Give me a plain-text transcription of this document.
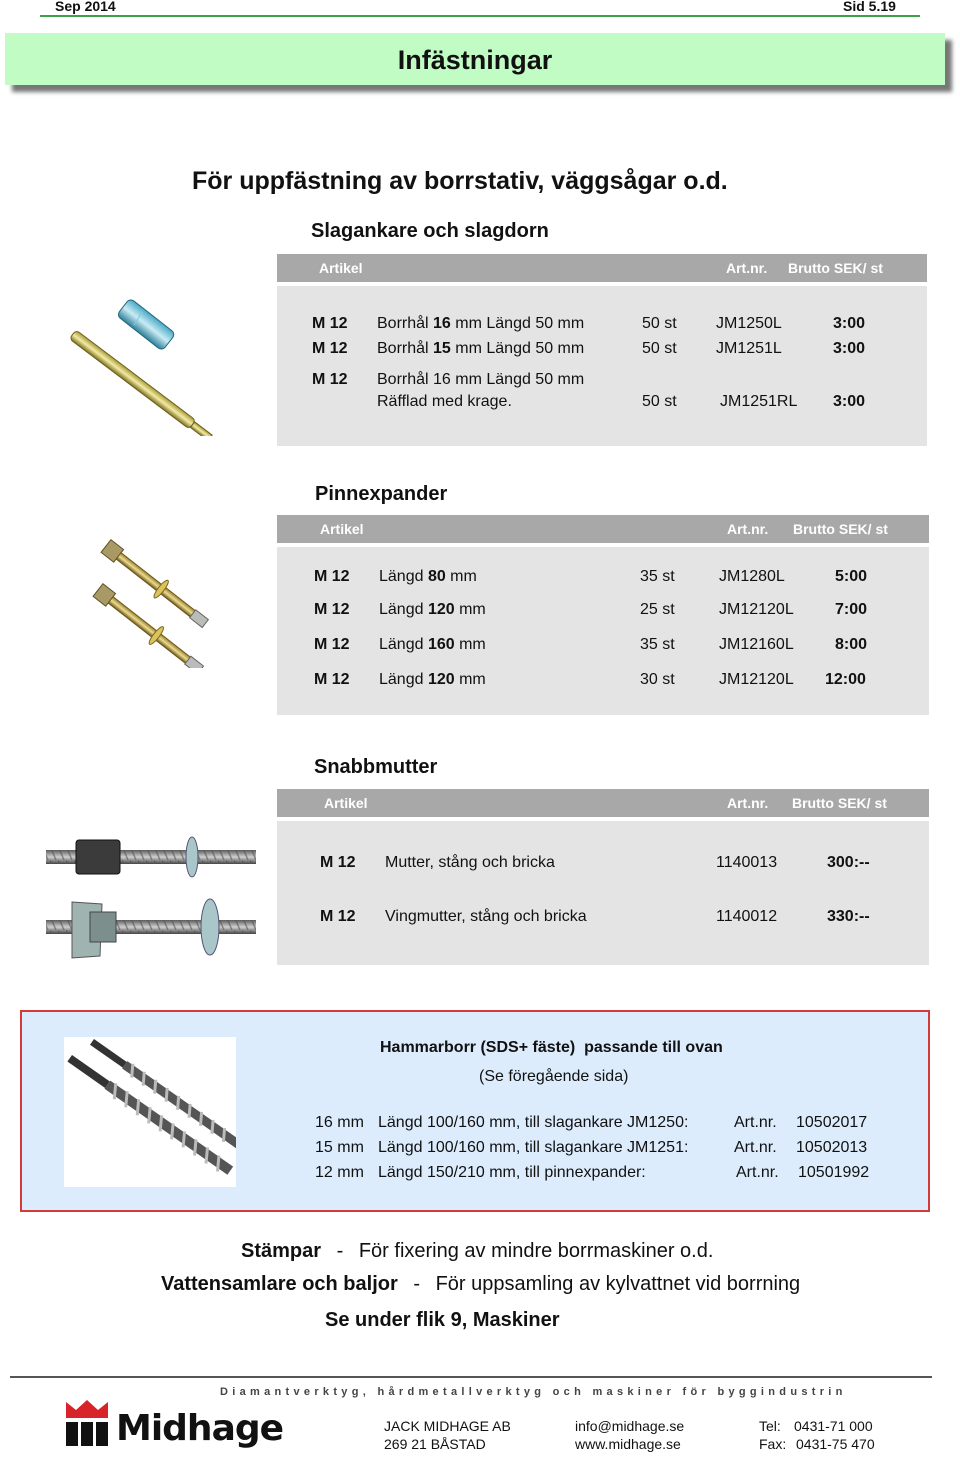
Sep 2014	Sid 5.19
Infästningar
För uppfästning av borrstativ, väggsågar o.d.
Slagankare och slagdorn
Artikel	Art.nr. Brutto SEK/ st
M 12 Borrhål 16 mm Längd 50 mm	50 st JM1250L	3:00
M 12 Borrhål 15 mm Längd 50 mm	50 st JM1251L	3:00
M 12 Borrhål 16 mm Längd 50 mm
Räfflad med krage.	50 st	JM1251RL 3:00
Pinnexpander
Artikel	Art.nr. Brutto SEK/ st
M 12 Längd 80 mm	35 st	JM1280L	5:00
M 12 Längd 120 mm	25 st	JM12120L	7:00
M 12 Längd 160 mm	35 st	JM12160L	8:00
M 12 Längd 120 mm	30 st	JM12120L 12:00
Snabbmutter
Artikel	Art.nr. Brutto SEK/ st
M 12 Mutter, stång och bricka	1140013	300:--
M 12 Vingmutter, stång och bricka	1140012	330:--
Hammarborr (SDS+ fäste)  passande till ovan
(Se föregående sida)
16 mm Längd 100/160 mm, till slagankare JM1250:	Art.nr. 10502017
15 mm Längd 100/160 mm, till slagankare JM1251:	Art.nr. 10502013
12 mm Längd 150/210 mm, till pinnexpander:	Art.nr. 10501992
Stämpar - För fixering av mindre borrmaskiner o.d.
Vattensamlare och baljor - För uppsamling av kylvattnet vid borrning
Se under flik 9, Maskiner
Diamantverktyg, hårdmetallverktyg och maskiner för byggindustrin
Midhage	JACK MIDHAGE AB
269 21 BÅSTAD
info@midhage.se
www.midhage.se
Tel: 0431-71 000
Fax: 0431-75 470
